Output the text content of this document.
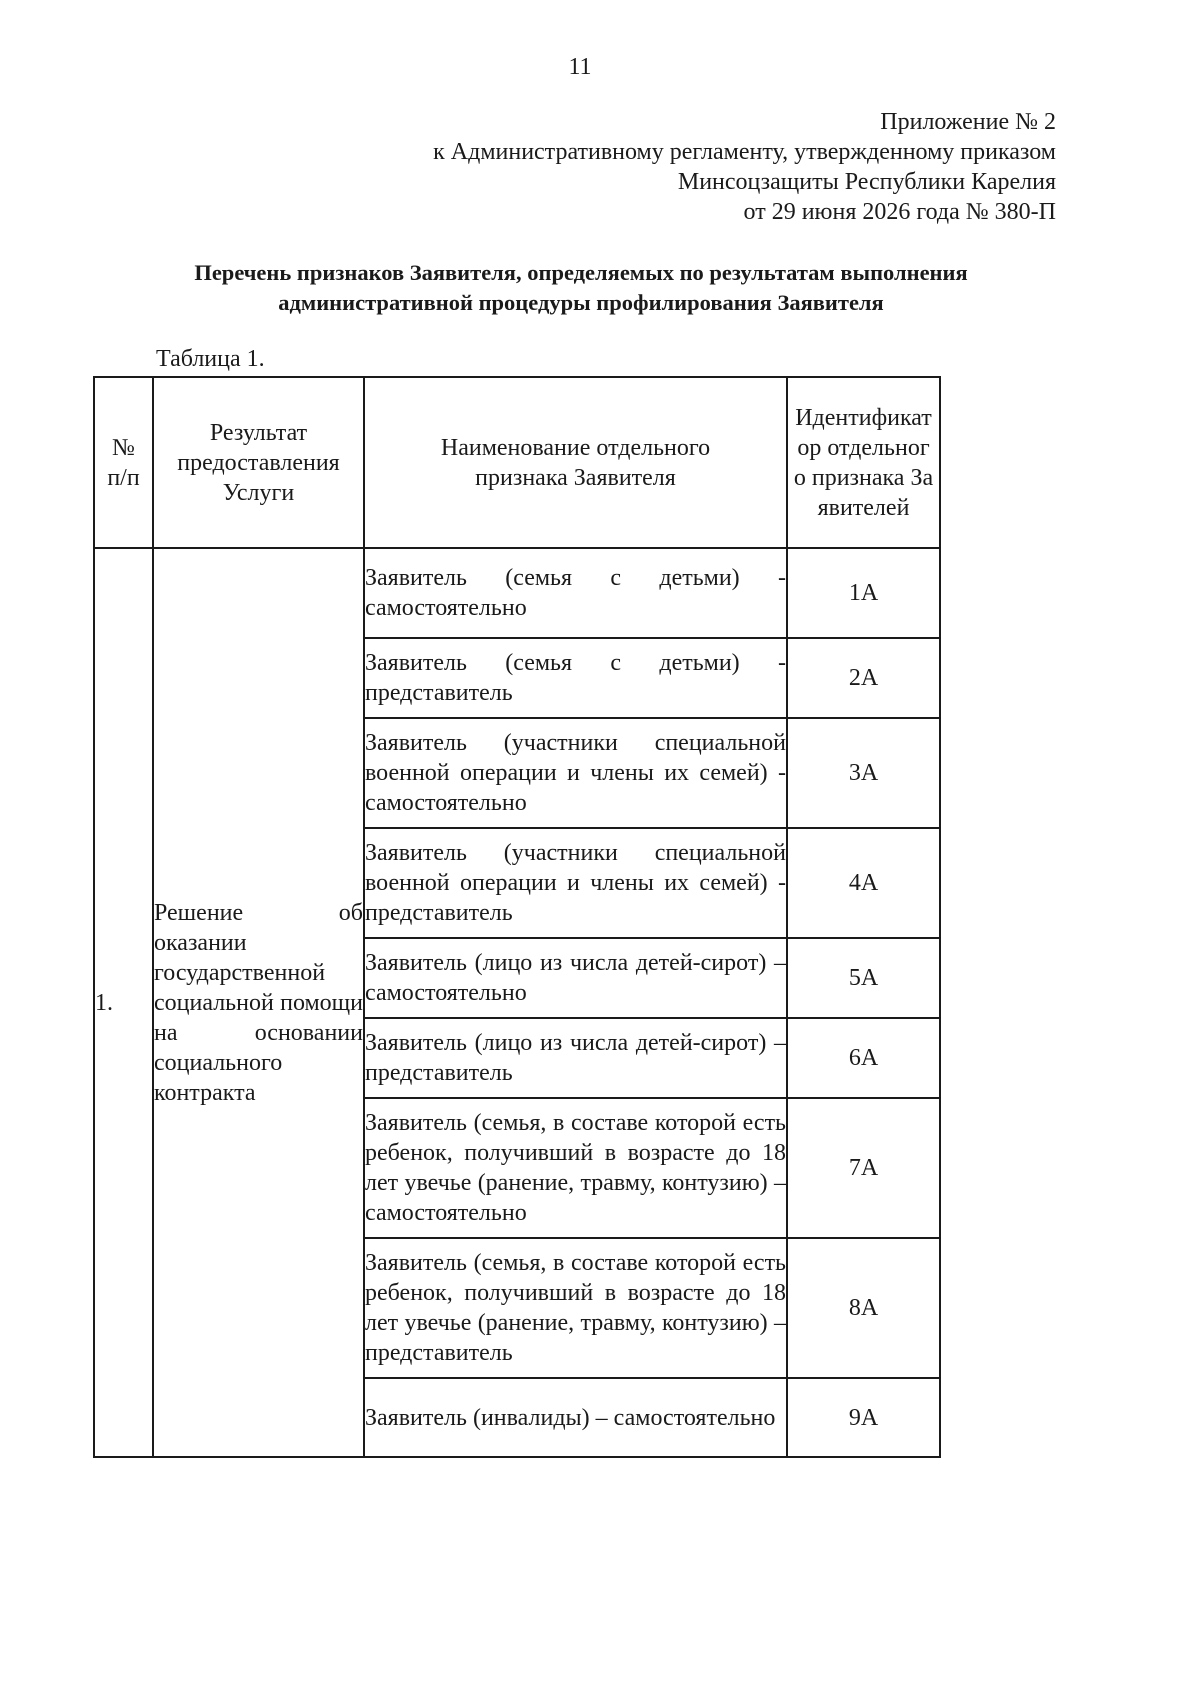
11
Приложение № 2
к Административному регламенту, утвержденному приказом
Минсоцзащиты Республики Карелия
от 29 июня 2026 года № 380-П
Перечень признаков Заявителя, определяемых по результатам выполнения
административной процедуры профилирования Заявителя
Таблица 1.
№ п/п	Результат предоставления Услуги	Наименование отдельного признака Заявителя	Идентификатор отдельного признака Заявителей

1.	Решение об оказании государственной социальной помощи на основании социального контракта	Заявитель (семья с детьми) - самостоятельно	1А
		Заявитель (семья с детьми) - представитель	2А
		Заявитель (участники специальной военной операции и члены их семей) - самостоятельно	3А
		Заявитель (участники специальной военной операции и члены их семей) - представитель	4А
		Заявитель (лицо из числа детей-сирот) – самостоятельно	5А
		Заявитель (лицо из числа детей-сирот) – представитель	6А
		Заявитель (семья, в составе которой есть ребенок, получивший в возрасте до 18 лет увечье (ранение, травму, контузию) – самостоятельно	7А
		Заявитель (семья, в составе которой есть ребенок, получивший в возрасте до 18 лет увечье (ранение, травму, контузию) – представитель	8А
		Заявитель (инвалиды) – самостоятельно	9А
